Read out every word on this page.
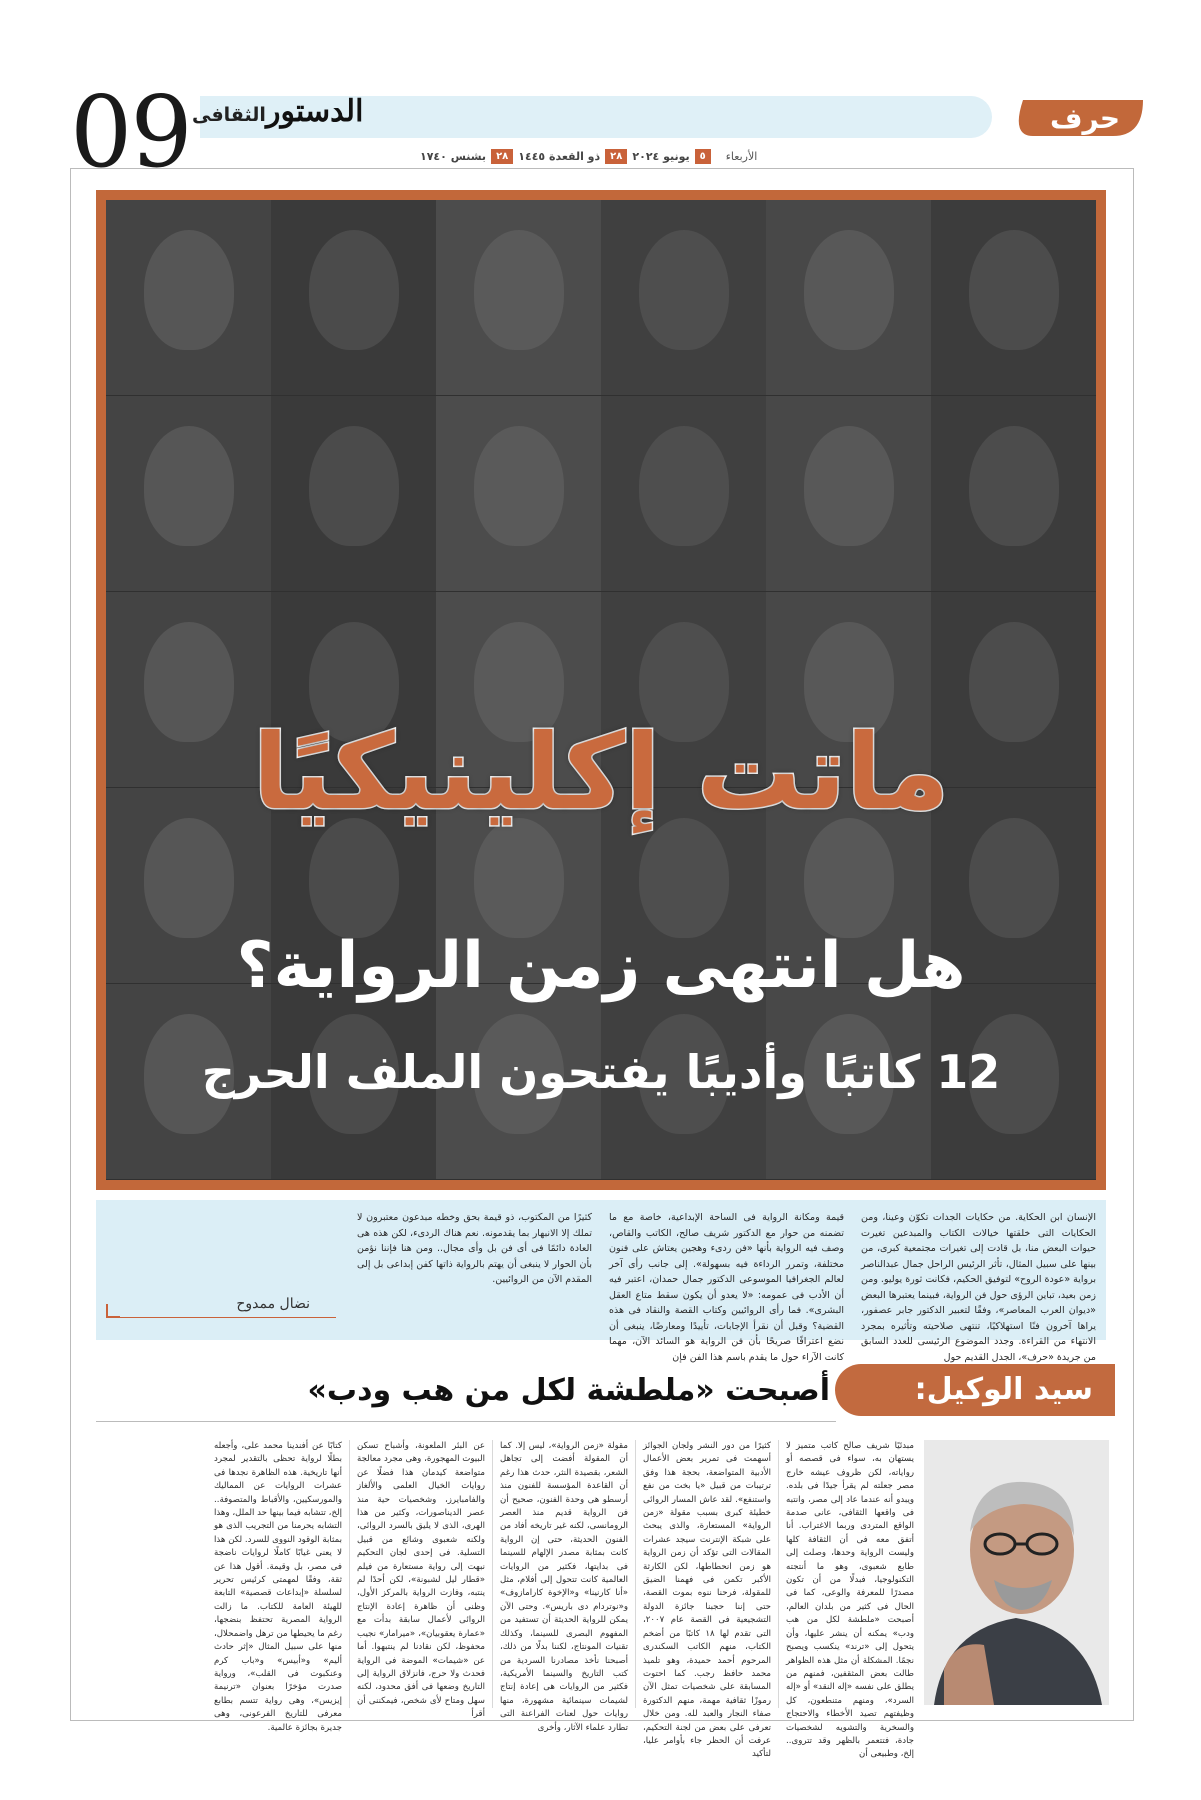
09 الثقافى الدستور	حرف
الأربعاء
٥
يونيو ٢٠٢٤
٢٨
ذو القعدة ١٤٤٥
٢٨
بشنس ١٧٤٠
ماتت إكلينيكيًا
هل انتهى زمن الرواية؟
12 كاتبًا وأديبًا يفتحون الملف الحرج
الإنسان ابن الحكاية. من حكايات الجدات تكوّن وعينا، ومن الحكايات التى خلقتها خيالات الكتاب والمبدعين تغيرت حيوات البعض منا، بل قادت إلى تغيرات مجتمعية كبرى، من بينها على سبيل المثال، تأثر الرئيس الراحل جمال عبدالناصر برواية «عودة الروح» لتوفيق الحكيم، فكانت ثورة يوليو. ومن زمن بعيد، تباين الرؤى حول فن الرواية، فبينما يعتبرها البعض «ديوان العرب المعاصر»، وفقًا لتعبير الدكتور جابر عصفور، يراها آخرون فنًا استهلاكيًا، تنتهى صلاحيته وتأثيره بمجرد الانتهاء من القراءة. وجدد الموضوع الرئيسى للعدد السابق من جريدة «حرف»، الجدل القديم حول
قيمة ومكانة الرواية فى الساحة الإبداعية، خاصة مع ما تضمنه من حوار مع الدكتور شريف صالح، الكاتب والقاص، وصف فيه الرواية بأنها «فن ردىء وهجين يعتاش على فنون مختلفة، وتمرر الرداءة فيه بسهولة». إلى جانب رأى آخر لعالم الجغرافيا الموسوعى الدكتور جمال حمدان، اعتبر فيه أن الأدب فى عمومه: «لا يعدو أن يكون سقط متاع العقل البشرى». فما رأى الروائيين وكتاب القصة والنقاد فى هذه القضية؟ وقبل أن نقرأ الإجابات، تأييدًا ومعارضًا، ينبغى أن نضع اعترافًا صريحًا بأن فن الرواية هو السائد الآن، مهما كانت الآراء حول ما يقدم باسم هذا الفن فإن
كثيرًا من المكتوب، ذو قيمة بحق وخطه مبدعون معتبرون لا تملك إلا الانبهار بما يقدمونه. نعم هناك الردىء، لكن هذه هى العادة دائمًا فى أى فن بل وأى مجال.. ومن هنا فإننا نؤمن بأن الحوار لا ينبغى أن يهتم بالرواية ذاتها كفن إبداعى بل إلى المقدم الآن من الروائيين.
نضال ممدوح
سيد الوكيل:
أصبحت «ملطشة لكل من هب ودب»
مبدئيًا شريف صالح كاتب متميز لا يستهان به، سواء فى قصصه أو رواياته، لكن ظروف عيشه خارج مصر جعلته لم يقرأ جيدًا فى بلده. ويبدو أنه عندما عاد إلى مصر، وانتبه فى واقعها الثقافى، عانى صدمة الواقع المتردى وربما الاغتراب. أنا أتفق معه فى أن الثقافة كلها وليست الرواية وحدها، وصلت إلى طابع شعبوى، وهو ما أنتجته التكنولوجيا، فبدلًا من أن تكون مصدرًا للمعرفة والوعى، كما فى الحال فى كثير من بلدان العالم، أصبحت «ملطشة لكل من هب ودب» يمكنه أن ينشر عليها، وأن يتحول إلى «ترند» ينكسب ويصبح نجمًا. المشكلة أن مثل هذه الظواهر طالت بعض المثقفين، فمنهم من يطلق على نفسه «إله النقد» أو «إله السرد»، ومنهم متنطعون، كل وظيفتهم تصيد الأخطاء والاحتجاج والسخرية والتشويه لشخصيات جادة، فتتعمر بالظهر وقد تتروى.. إلخ، وطبيعى أن
كثيرًا من دور النشر ولجان الجوائز أسهمت فى تمرير بعض الأعمال الأدبية المتواضعة، بحجة هذا وفق ترتيبات من قبيل «يا بخت من نفع واستنفع». لقد عاش المسار الروائى خطيئة كبرى بسبب مقولة «زمن الرواية» المستعارة، والذى يبحث على شبكة الإنترنت سيجد عشرات المقالات التى تؤكد أن زمن الرواية هو زمن انحطاطها، لكن الكارثة الأكبر تكمن فى فهمنا الضيق للمقولة، فرحنا ننوه بموت القصة، حتى إننا حجبنا جائزة الدولة التشجيعية فى القصة عام ٢٠٠٧، التى تقدم لها ١٨ كاتبًا من أضخم الكتاب، منهم الكاتب السكندرى المرحوم أحمد حميدة، وهو تلميذ محمد حافظ رجب. كما احتوت المسابقة على شخصيات تمثل الآن رموزًا ثقافية مهمة، منهم الدكتورة صفاء النجار والعبد لله. ومن خلال تعرفى على بعض من لجنة التحكيم، عرفت أن الحظر جاء بأوامر عليا، لتأكيد
مقولة «زمن الرواية»، ليس إلا. كما أن المقولة أفضت إلى تجاهل الشعر، بقصيدة النثر، حدث هذا رغم أن القاعدة المؤسسة للفنون منذ أرسطو هى وحدة الفنون، صحيح أن فن الرواية قديم منذ العصر الرومانسى، لكنه غير تاريخه أفاد من الفنون الحديثة، حتى إن الرواية كانت بمثابة مصدر الإلهام للسينما فى بدايتها، فكثير من الروايات العالمية كانت تتحول إلى أفلام، مثل «أنا كارنينا» و«الإخوة كارامازوف» و«نوتردام دى باريس». وحتى الآن يمكن للرواية الحديثة أن تستفيد من المفهوم البصرى للسينما، وكذلك تقنيات المونتاج، لكننا بدلًا من ذلك، أصبحنا نأخذ مصادرنا السردية من كتب التاريخ والسينما الأمريكية، فكثير من الروايات هى إعادة إنتاج لشيمات سينمائية مشهورة، منها روايات حول لعنات الفراعنة التى تطارد علماء الآثار، وأخرى
عن البئر الملعونة، وأشباح تسكن البيوت المهجورة، وهى مجرد معالجة متواضعة كيدمان هذا فضلًا عن روايات الخيال العلمى والألغاز والفامبايرز، وشخصيات حية منذ عصر الديناصورات، وكثير من هذا الهرى، الذى لا يليق بالسرد الروائى، ولكنه شعبوى وشائع من قبيل التسلية. فى إحدى لجان التحكيم نبهت إلى رواية مستعارة من فيلم «قطار ليل لشبونة»، لكن أحدًا لم ينتبه، وفازت الرواية بالمركز الأول، وظنى أن ظاهرة إعادة الإنتاج الروائى لأعمال سابقة بدأت مع «عمارة يعقوبيان»، «ميرامار» نجيب محفوظ، لكن نقادنا لم ينتبهوا. أما عن «شيمات» الموضة فى الرواية فحدث ولا حرج، فانزلاق الرواية إلى التاريخ وضعها فى أفق محدود، لكنه سهل ومتاح لأى شخص، فيمكننى أن أقرأ
كتابًا عن أفندينا محمد على، وأجعله بطلًا لرواية تحظى بالتقدير لمجرد أنها تاريخية. هذه الظاهرة نجدها فى عشرات الروايات عن المماليك والمورسكيين، والأقباط والمتصوفة.. إلخ، تتشابه فيما بينها حد الملل، وهذا التشابه يحرمنا من التجريب الذى هو بمثابة الوقود النووى للسرد. لكن هذا لا يعنى غيابًا كاملًا لروايات ناضجة فى مصر، بل وقيمة. أقول هذا عن ثقة، وفقًا لمهمتى كرئيس تحرير لسلسلة «إبداعات قصصية» التابعة للهيئة العامة للكتاب. ما زالت الرواية المصرية تحتفظ بنضجها، رغم ما يحيطها من ترهل واضمحلال، منها على سبيل المثال «إثر حادث أليم» و«أبيس» و«باب كرم وعنكبوت فى القلب»، ورواية صدرت مؤخرًا بعنوان «ترنيمة إيزيس»، وهى رواية تتسم بطابع معرفى للتاريخ الفرعونى، وهى جديرة بجائزة عالمية.
